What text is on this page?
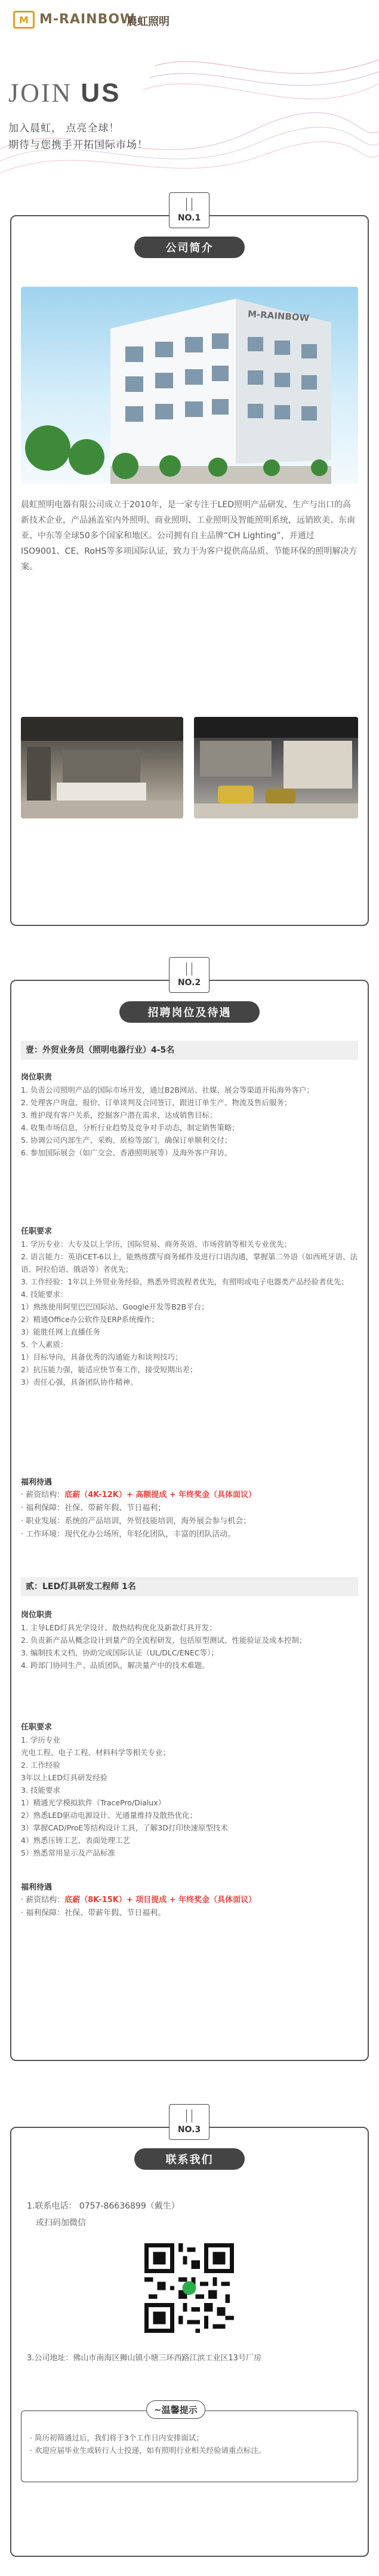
M M-RAINBOW
晨虹照明
JOIN US
加入晨虹， 点亮全球！
期待与您携手开拓国际市场！
NO.1
公司简介
M-RAINBOW
晨虹照明电器有限公司成立于2010年，是一家专注于LED照明产品研发、生产与出口的高新技术企业，产品涵盖室内外照明、商业照明、工业照明及智能照明系统，远销欧美、东南亚、中东等全球50多个国家和地区。公司拥有自主品牌“CH Lighting”，并通过ISO9001、CE、RoHS等多项国际认证，致力于为客户提供高品质、节能环保的照明解决方案。
NO.2
招聘岗位及待遇
壹：外贸业务员（照明电器行业）4-5名
岗位职责
1. 负责公司照明产品的国际市场开发，通过B2B网站、社媒、展会等渠道开拓海外客户；
2. 处理客户询盘、报价、订单谈判及合同签订，跟进订单生产、物流及售后服务；
3. 维护现有客户关系，挖掘客户潜在需求，达成销售目标；
4. 收集市场信息，分析行业趋势及竞争对手动态，制定销售策略；
5. 协调公司内部生产、采购、质检等部门，确保订单顺利交付；
6. 参加国际展会（如广交会、香港照明展等）及海外客户拜访。
任职要求
1. 学历专业：大专及以上学历，国际贸易、商务英语、市场营销等相关专业优先；
2. 语言能力：英语CET-6以上，能熟练撰写商务邮件及进行口语沟通，掌握第二外语（如西班牙语、法语、阿拉伯语、俄语等）者优先；
3. 工作经验：1年以上外贸业务经验，熟悉外贸流程者优先，有照明或电子电器类产品经验者优先；
4. 技能要求：
1）熟练使用阿里巴巴国际站、Google开发等B2B平台；
2）精通Office办公软件及ERP系统操作；
3）能胜任网上直播任务
5. 个人素质：
1）目标导向，具备优秀的沟通能力和谈判技巧；
2）抗压能力强，能适应快节奏工作，接受短期出差；
3）责任心强，具备团队协作精神。
福利待遇
· 薪资结构：底薪（4K-12K）+ 高额提成 + 年终奖金（具体面议）
· 福利保障：社保、带薪年假、节日福利；
· 职业发展：系统的产品培训，外贸技能培训，海外展会参与机会；
· 工作环境：现代化办公场所，年轻化团队，丰富的团队活动。
贰：LED灯具研发工程师 1名
岗位职责
1. 主导LED灯具光学设计、散热结构优化及新款灯具开发；
2. 负责新产品从概念设计到量产的全流程研发，包括原型测试、性能验证及成本控制；
3. 编制技术文档，协助完成国际认证（UL/DLC/ENEC等）；
4. 跨部门协同生产、品质团队，解决量产中的技术难题。
任职要求
1. 学历专业
光电工程、电子工程、材料科学等相关专业；
2. 工作经验
3年以上LED灯具研发经验
3. 技能要求
1）精通光学模拟软件（TracePro/Dialux）
2）熟悉LED驱动电源设计、光通量维持及散热优化；
3）掌握CAD/ProE等结构设计工具，了解3D打印快速原型技术
4）熟悉压铸工艺、表面处理工艺
5）熟悉常用显示及产品标准
福利待遇
· 薪资结构：底薪（8K-15K）+ 项目提成 + 年终奖金（具体面议）
· 福利保障：社保、带薪年假、节日福利。
NO.3
联系我们
1.联系电话： 0757-86636899（戴生）
或扫码加微信
3.公司地址：佛山市南海区狮山镇小塘三环西路江滨工业区13号厂房
~温馨提示
· 简历初筛通过后，我们将于3个工作日内安排面试；
· 欢迎应届毕业生或转行人士投递，如有照明行业相关经验请重点标注。
